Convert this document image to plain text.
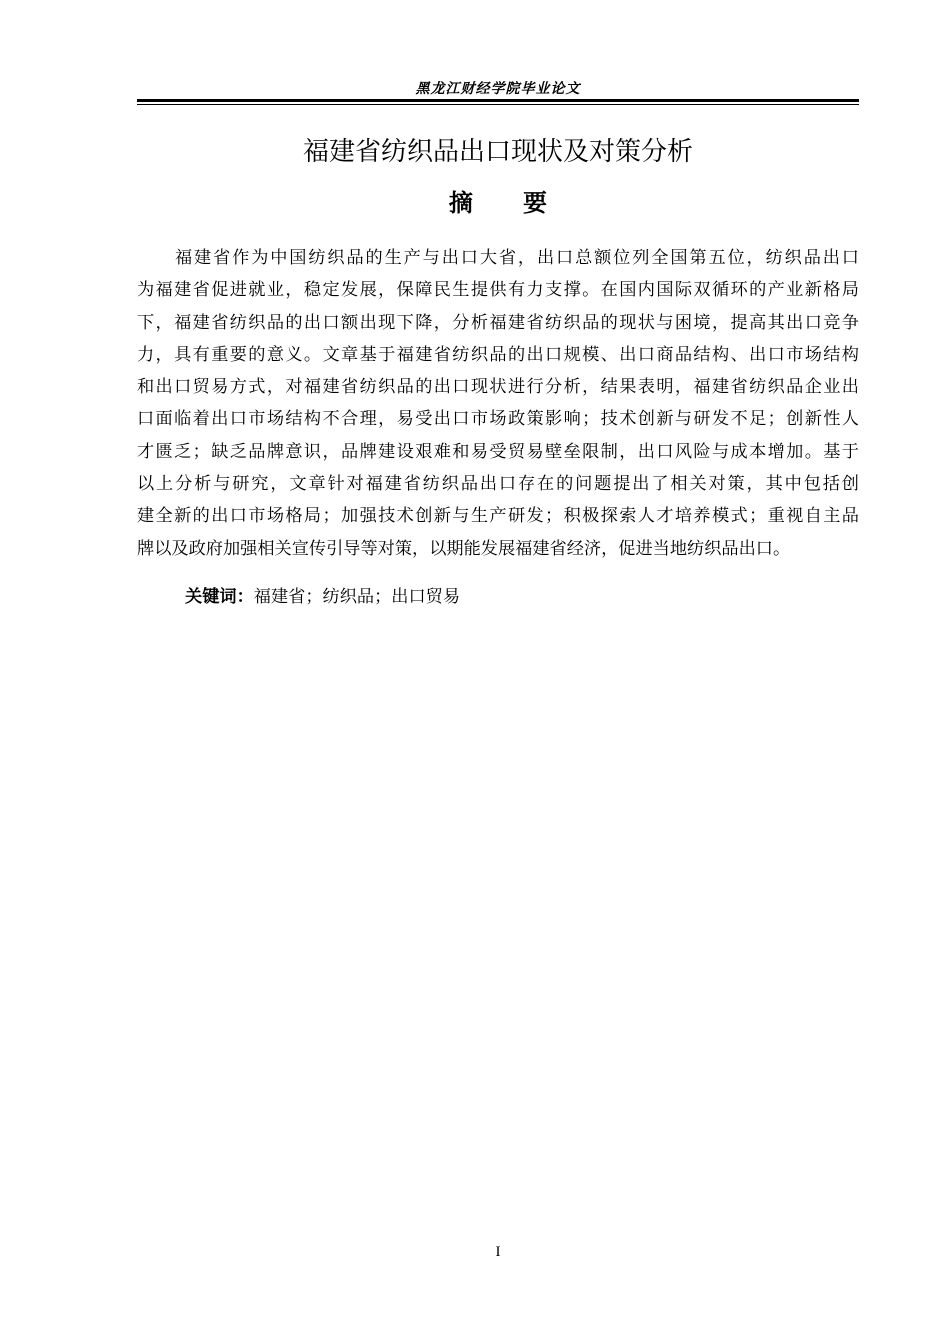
黑龙江财经学院毕业论文
福建省纺织品出口现状及对策分析
摘      要
福建省作为中国纺织品的生产与出口大省，出口总额位列全国第五位，纺织品出口
为福建省促进就业，稳定发展，保障民生提供有力支撑。在国内国际双循环的产业新格局
下，福建省纺织品的出口额出现下降，分析福建省纺织品的现状与困境，提高其出口竞争
力，具有重要的意义。文章基于福建省纺织品的出口规模、出口商品结构、出口市场结构
和出口贸易方式，对福建省纺织品的出口现状进行分析，结果表明，福建省纺织品企业出
口面临着出口市场结构不合理，易受出口市场政策影响；技术创新与研发不足；创新性人
才匮乏；缺乏品牌意识，品牌建设艰难和易受贸易壁垒限制，出口风险与成本增加。基于
以上分析与研究，文章针对福建省纺织品出口存在的问题提出了相关对策，其中包括创
建全新的出口市场格局；加强技术创新与生产研发；积极探索人才培养模式；重视自主品
牌以及政府加强相关宣传引导等对策，以期能发展福建省经济，促进当地纺织品出口。
关键词：福建省；纺织品；出口贸易
I
